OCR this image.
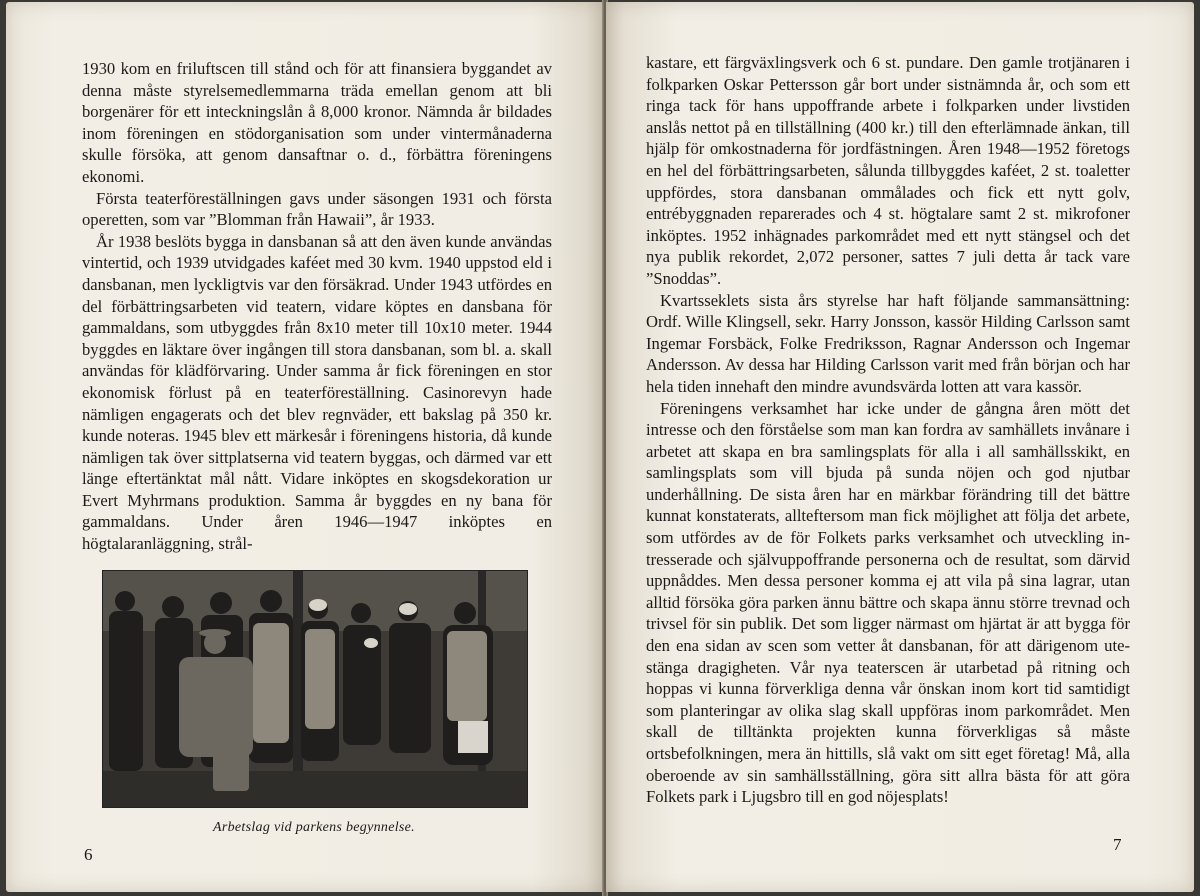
1930 kom en friluftscen till stånd och för att finansiera byggandet av denna måste styrelsemedlemmarna träda emellan genom att bli borgenärer för ett inteckningslån å 8,000 kronor. Nämnda år bildades inom föreningen en stödorganisation som under vintermånaderna skulle försöka, att genom dansaftnar o. d., förbättra föreningens ekonomi.

Första teaterföreställningen gavs under säsongen 1931 och första operetten, som var ”Blomman från Hawaii”, år 1933.

År 1938 beslöts bygga in dansbanan så att den även kunde användas vintertid, och 1939 utvidgades kaféet med 30 kvm. 1940 uppstod eld i dansbanan, men lyckligtvis var den försäkrad. Under 1943 utfördes en del förbättringsarbeten vid teatern, vidare köptes en dansbana för gammaldans, som utbyggdes från 8x10 meter till 10x10 meter. 1944 byggdes en läktare över ingången till stora dansbanan, som bl. a. skall användas för klädförvaring. Under samma år fick föreningen en stor ekonomisk förlust på en teaterföreställning. Casinorevyn hade nämligen engagerats och det blev regnväder, ett bakslag på 350 kr. kunde noteras. 1945 blev ett märkesår i föreningens historia, då kunde nämligen tak över sittplatserna vid teatern byggas, och därmed var ett länge eftertänktat mål nått. Vidare inköptes en skogsdekoration ur Evert Myhrmans produktion. Samma år byggdes en ny bana för gammaldans. Under åren 1946—1947 inköptes en högtalaranläggning, strål-

Arbetslag vid parkens begynnelse.
6

kastare, ett färgväxlingsverk och 6 st. pundare. Den gamle trotjänaren i folkparken Oskar Pettersson går bort under sistnämnda år, och som ett ringa tack för hans uppoffrande arbete i folkparken under livstiden anslås nettot på en tillställning (400 kr.) till den efterlämnade änkan, till hjälp för omkostnaderna för jordfästningen. Åren 1948—1952 företogs en hel del förbättringsarbeten, sålunda tillbyggdes kaféet, 2 st. toaletter uppfördes, stora dansbanan ommålades och fick ett nytt golv, entrébyggnaden reparerades och 4 st. högtalare samt 2 st. mikrofoner inköptes. 1952 inhägnades parkområdet med ett nytt stängsel och det nya publik rekordet, 2,072 personer, sattes 7 juli detta år tack vare ”Snoddas”.

Kvartsseklets sista års styrelse har haft följande sammansättning: Ordf. Wille Klingsell, sekr. Harry Jonsson, kassör Hilding Carlsson samt Ingemar Forsbäck, Folke Fredriksson, Ragnar Andersson och Ingemar Andersson. Av dessa har Hilding Carlsson varit med från början och har hela tiden innehaft den mindre avundsvärda lotten att vara kassör.

Föreningens verksamhet har icke under de gångna åren mött det intresse och den förståelse som man kan fordra av samhällets invånare i arbetet att skapa en bra samlingsplats för alla i all samhällsskikt, en samlingsplats som vill bjuda på sunda nöjen och god njutbar underhållning. De sista åren har en märkbar förändring till det bättre kunnat konstaterats, allteftersom man fick möjlighet att följa det arbete, som utfördes av de för Folkets parks verksamhet och utveckling intresserade och självuppoffrande personerna och de resultat, som därvid uppnåddes. Men dessa personer komma ej att vila på sina lagrar, utan alltid försöka göra parken ännu bättre och skapa ännu större trevnad och trivsel för sin publik. Det som ligger närmast om hjärtat är att bygga för den ena sidan av scen som vetter åt dansbanan, för att därigenom utestänga dragigheten. Vår nya teaterscen är utarbetad på ritning och hoppas vi kunna förverkliga denna vår önskan inom kort tid samtidigt som planteringar av olika slag skall uppföras inom parkområdet. Men skall de tilltänkta projekten kunna förverkligas så måste ortsbefolkningen, mera än hittills, slå vakt om sitt eget företag! Må, alla oberoende av sin samhällsställning, göra sitt allra bästa för att göra Folkets park i Ljugsbro till en god nöjesplats!

7
